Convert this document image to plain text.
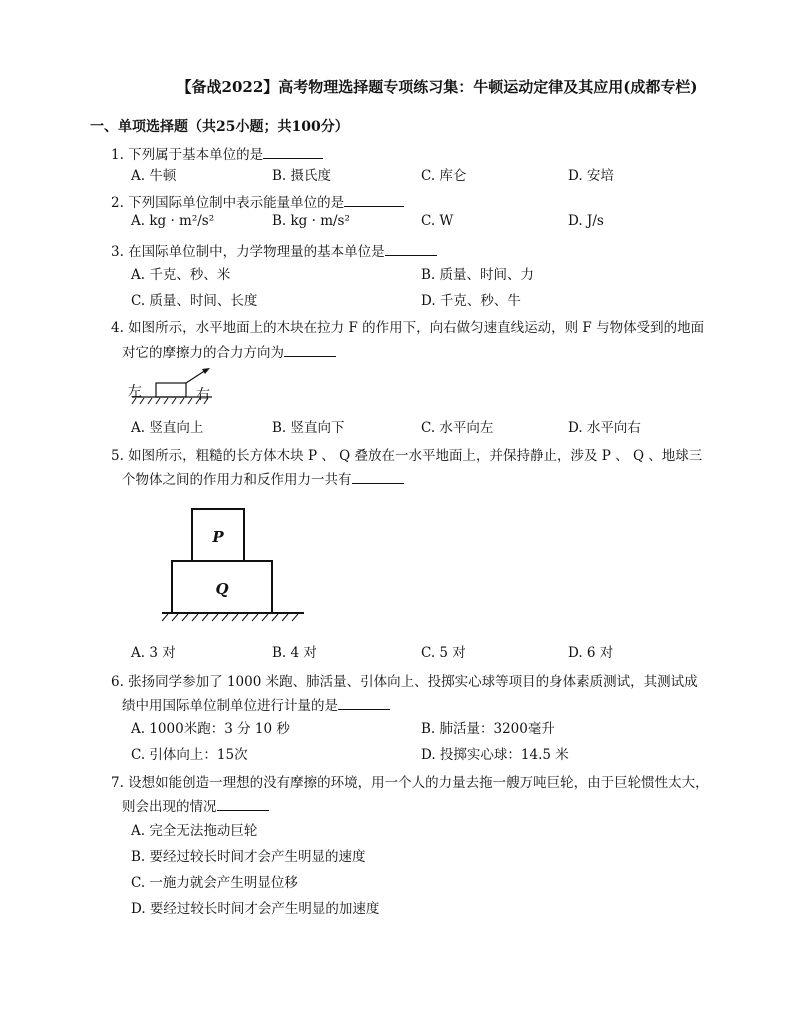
【备战2022】高考物理选择题专项练习集：牛顿运动定律及其应用(成都专栏)
一、单项选择题（共25小题；共100分）
1. 下列属于基本单位的是
A. 牛顿	B. 摄氏度	C. 库仑	D. 安培
2. 下列国际单位制中表示能量单位的是
A. kg · m²/s²	B. kg · m/s²	C. W	D. J/s
3. 在国际单位制中，力学物理量的基本单位是
A. 千克、秒、米	B. 质量、时间、力
C. 质量、时间、长度	D. 千克、秒、牛
4. 如图所示，水平地面上的木块在拉力 F 的作用下，向右做匀速直线运动，则 F 与物体受到的地面
对它的摩擦力的合力方向为
左	右
A. 竖直向上	B. 竖直向下	C. 水平向左	D. 水平向右
5. 如图所示，粗糙的长方体木块 P 、 Q 叠放在一水平地面上，并保持静止，涉及 P 、 Q 、地球三
个物体之间的作用力和反作用力一共有
P
Q
A. 3 对	B. 4 对	C. 5 对	D. 6 对
6. 张扬同学参加了 1000 米跑、肺活量、引体向上、投掷实心球等项目的身体素质测试，其测试成
绩中用国际单位制单位进行计量的是
A. 1000米跑：3 分 10 秒	B. 肺活量：3200毫升
C. 引体向上：15次	D. 投掷实心球：14.5 米
7. 设想如能创造一理想的没有摩擦的环境，用一个人的力量去拖一艘万吨巨轮，由于巨轮惯性太大，
则会出现的情况
A. 完全无法拖动巨轮
B. 要经过较长时间才会产生明显的速度
C. 一施力就会产生明显位移
D. 要经过较长时间才会产生明显的加速度
